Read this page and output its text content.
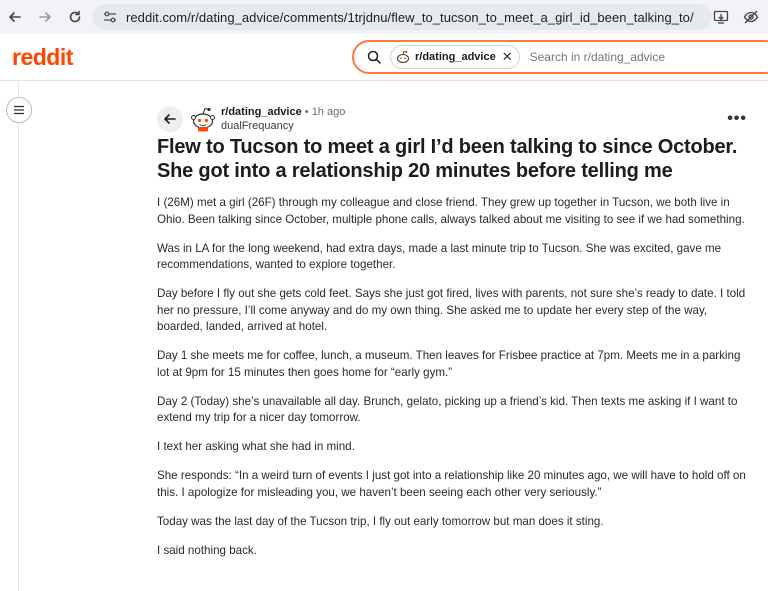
reddit.com/r/dating_advice/comments/1trjdnu/flew_to_tucson_to_meet_a_girl_id_been_talking_to/
reddit	r/dating_advice ✕ Search in r/dating_advice
r/dating_advice • 1h ago
dualFrequancy	•••
Flew to Tucson to meet a girl I’d been talking to since October. She got into a relationship 20 minutes before telling me

I (26M) met a girl (26F) through my colleague and close friend. They grew up together in Tucson, we both live in Ohio. Been talking since October, multiple phone calls, always talked about me visiting to see if we had something.

Was in LA for the long weekend, had extra days, made a last minute trip to Tucson. She was excited, gave me recommendations, wanted to explore together.

Day before I fly out she gets cold feet. Says she just got fired, lives with parents, not sure she’s ready to date. I told her no pressure, I’ll come anyway and do my own thing. She asked me to update her every step of the way, boarded, landed, arrived at hotel.

Day 1 she meets me for coffee, lunch, a museum. Then leaves for Frisbee practice at 7pm. Meets me in a parking lot at 9pm for 15 minutes then goes home for “early gym.”

Day 2 (Today) she’s unavailable all day. Brunch, gelato, picking up a friend’s kid. Then texts me asking if I want to extend my trip for a nicer day tomorrow.

I text her asking what she had in mind.

She responds: “In a weird turn of events I just got into a relationship like 20 minutes ago, we will have to hold off on this. I apologize for misleading you, we haven’t been seeing each other very seriously.”

Today was the last day of the Tucson trip, I fly out early tomorrow but man does it sting.

I said nothing back.
